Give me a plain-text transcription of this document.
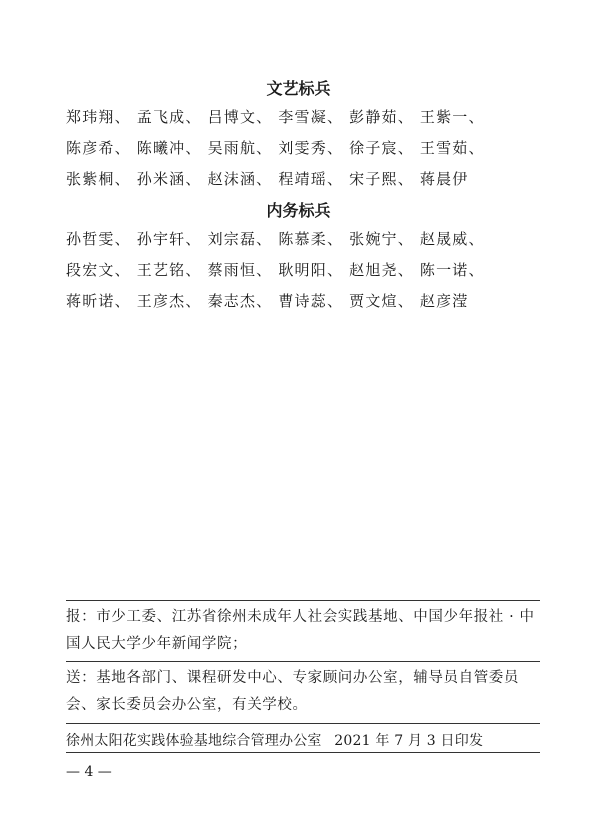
文艺标兵

郑玮翔、 孟飞成、 吕博文、 李雪凝、 彭静茹、 王紫一、 陈彦希、 陈曦冲、 吴雨航、 刘雯秀、 徐子宸、 王雪茹、 张紫桐、 孙米涵、 赵沫涵、 程靖瑶、 宋子熙、 蒋晨伊

内务标兵

孙哲雯、 孙宇轩、 刘宗磊、 陈慕柔、 张婉宁、 赵晟威、 段宏文、 王艺铭、 蔡雨恒、 耿明阳、 赵旭尧、 陈一诺、 蒋昕诺、 王彦杰、 秦志杰、 曹诗蕊、 贾文煊、 赵彦滢

报：市少工委、江苏省徐州未成年人社会实践基地、中国少年报社 · 中国人民大学少年新闻学院；

送：基地各部门、课程研发中心、专家顾问办公室，辅导员自管委员会、家长委员会办公室，有关学校。

徐州太阳花实践体验基地综合管理办公室 2021 年 7 月 3 日印发
— 4 —
